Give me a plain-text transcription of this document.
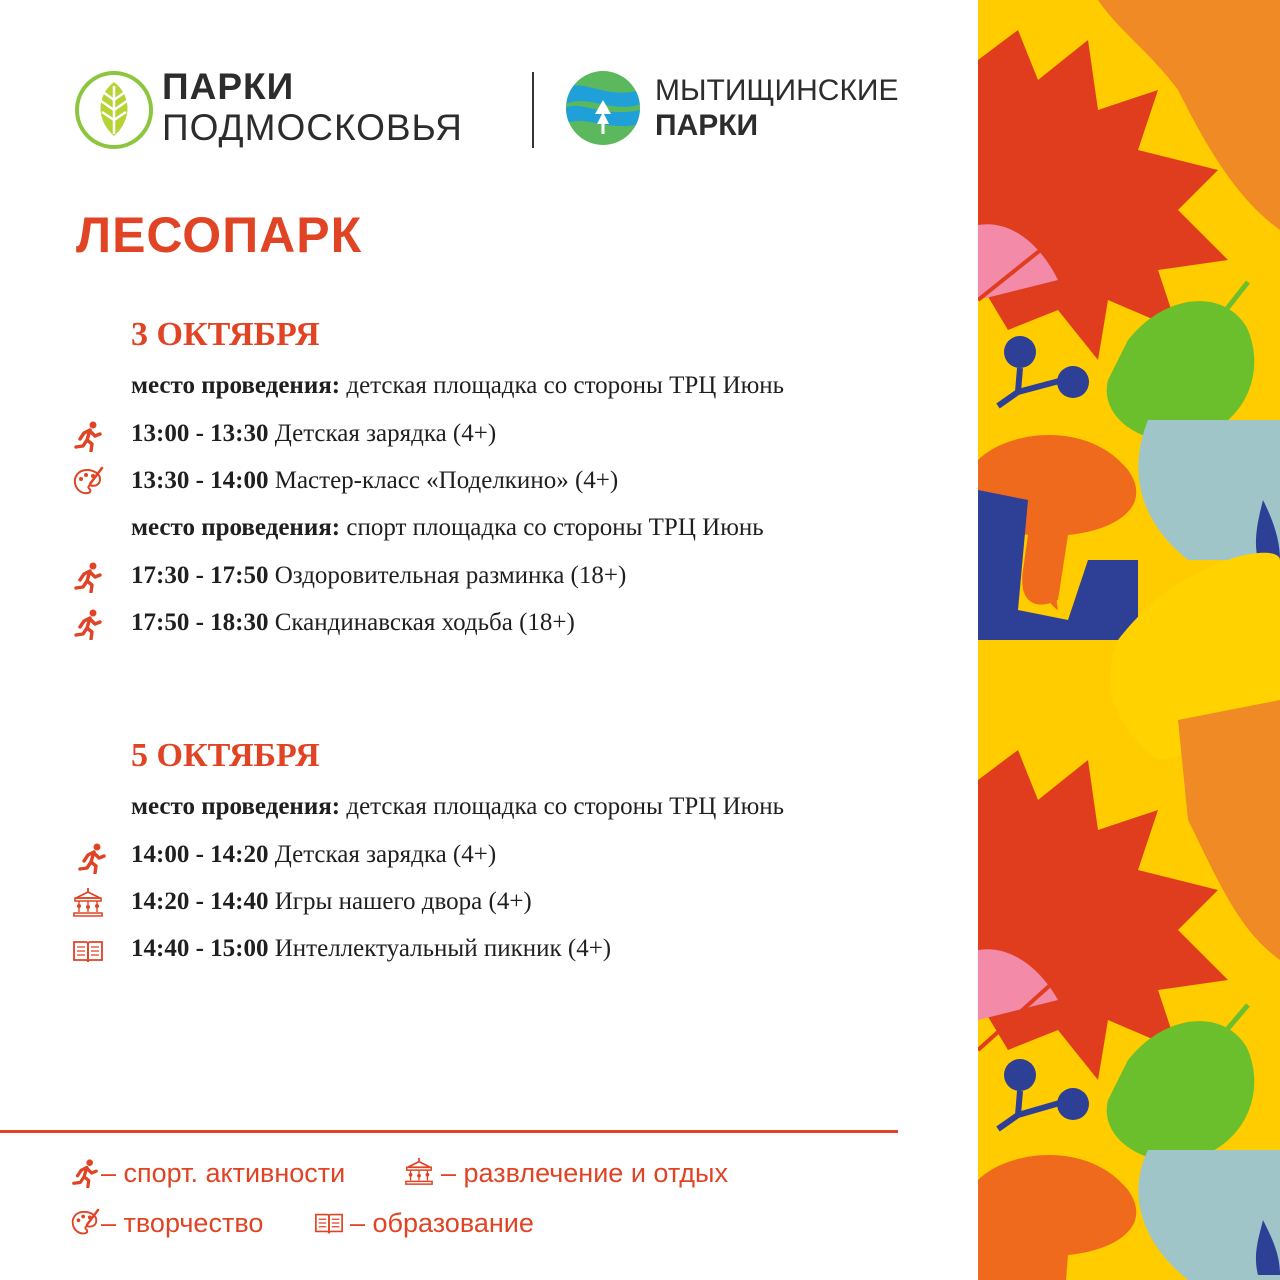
ПАРКИ
ПОДМОСКОВЬЯ
МЫТИЩИНСКИЕ
ПАРКИ
ЛЕСОПАРК
3 ОКТЯБРЯ
место проведения: детская площадка со стороны ТРЦ Июнь
13:00 - 13:30 Детская зарядка (4+)
13:30 - 14:00 Мастер-класс «Поделкино» (4+)
место проведения: спорт площадка со стороны ТРЦ Июнь
17:30 - 17:50 Оздоровительная разминка (18+)
17:50 - 18:30 Скандинавская ходьба (18+)
5 ОКТЯБРЯ
место проведения: детская площадка со стороны ТРЦ Июнь
14:00 - 14:20 Детская зарядка (4+)
14:20 - 14:40 Игры нашего двора (4+)
14:40 - 15:00 Интеллектуальный пикник (4+)
– спорт. активности	– развлечение и отдых
– творчество	– образование
